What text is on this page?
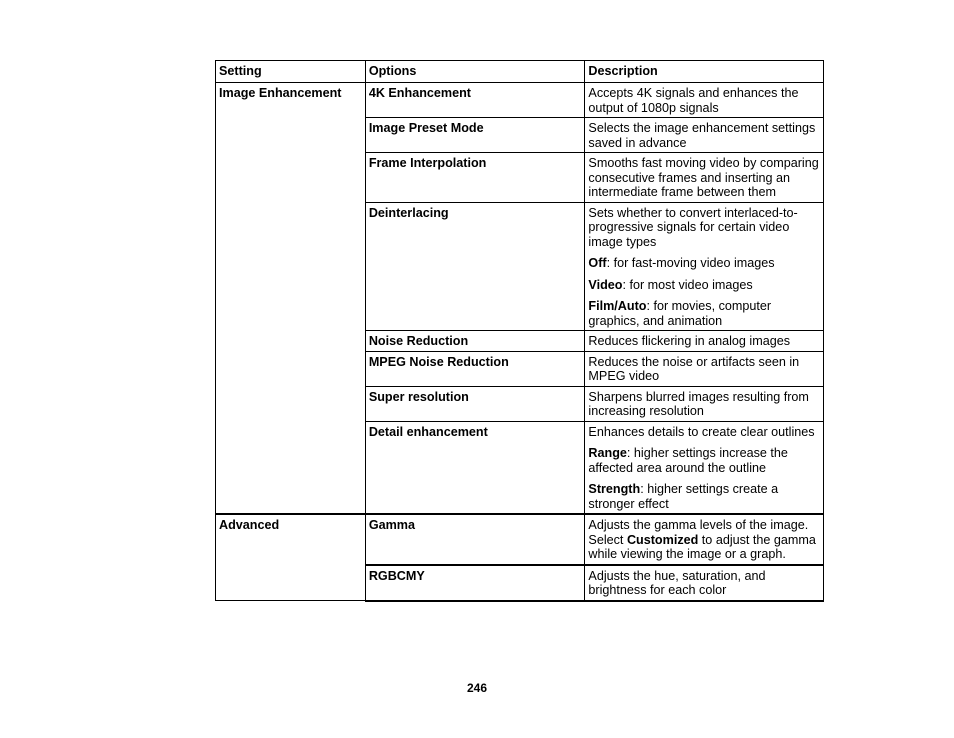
Setting	Options	Description
Image Enhancement	4K Enhancement	Accepts 4K signals and enhances the output of 1080p signals

	Image Preset Mode	Selects the image enhancement settings saved in advance

	Frame Interpolation	Smooths fast moving video by comparing consecutive frames and inserting an intermediate frame between them

	Deinterlacing	Sets whether to convert interlaced-to-progressive signals for certain video image types

Off: for fast-moving video images

Video: for most video images

Film/Auto: for movies, computer graphics, and animation

	Noise Reduction	Reduces flickering in analog images

	MPEG Noise Reduction	Reduces the noise or artifacts seen in MPEG video

	Super resolution	Sharpens blurred images resulting from increasing resolution

	Detail enhancement	Enhances details to create clear outlines

Range: higher settings increase the affected area around the outline

Strength: higher settings create a stronger effect

Advanced	Gamma	Adjusts the gamma levels of the image. Select Customized to adjust the gamma while viewing the image or a graph.

	RGBCMY	Adjusts the hue, saturation, and brightness for each color

246
